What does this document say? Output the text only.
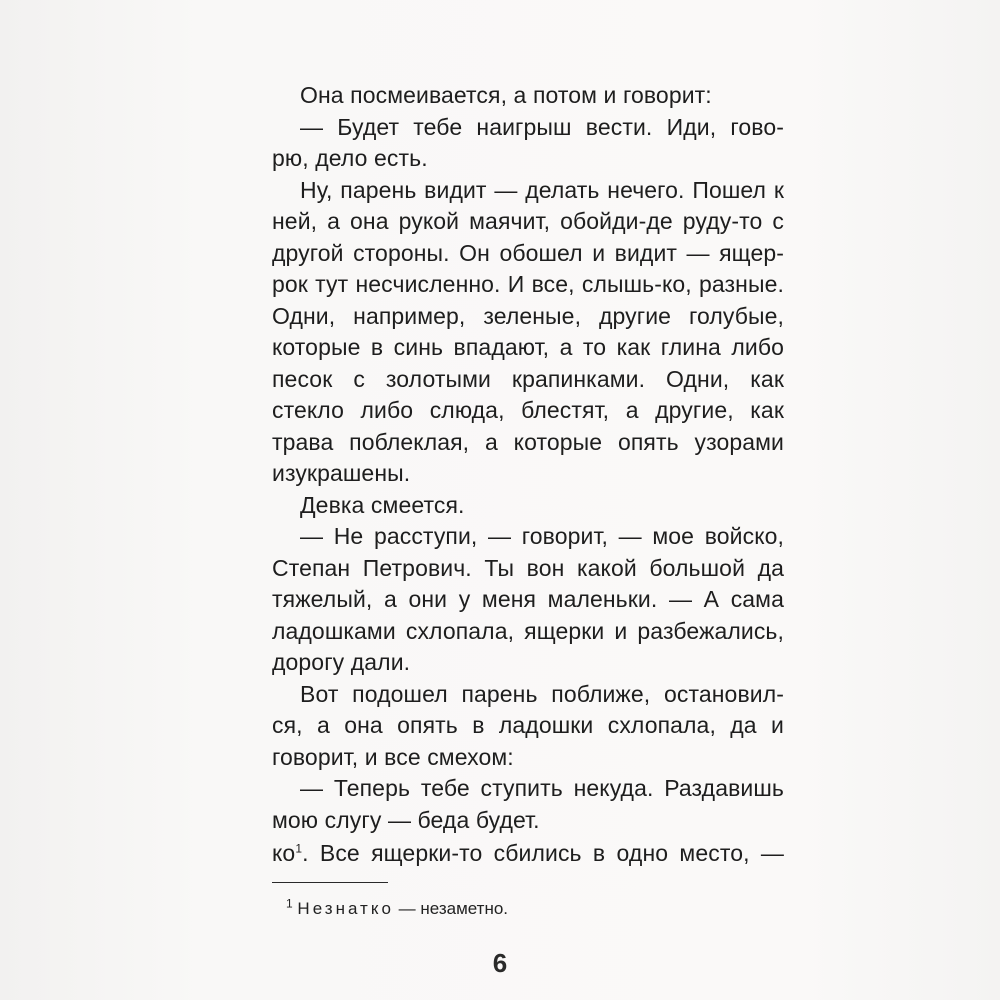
Она посмеивается, а потом и говорит:
— Будет тебе наигрыш вести. Иди, гово-
рю, дело есть.
Ну, парень видит — делать нечего. Пошел к
ней, а она рукой маячит, обойди-де руду-то с
другой стороны. Он обошел и видит — ящер-
рок тут несчисленно. И все, слышь-ко, разные.
Одни, например, зеленые, другие голубые,
которые в синь впадают, а то как глина либо
песок с золотыми крапинками. Одни, как
стекло либо слюда, блестят, а другие, как
трава поблеклая, а которые опять узорами
изукрашены.
Девка смеется.
— Не расступи, — говорит, — мое войско,
Степан Петрович. Ты вон какой большой да
тяжелый, а они у меня маленьки. — А сама
ладошками схлопала, ящерки и разбежались,
дорогу дали.
Вот подошел парень поближе, остановил-
ся, а она опять в ладошки схлопала, да и
говорит, и все смехом:
— Теперь тебе ступить некуда. Раздавишь
мою слугу — беда будет.
ко$^1$. Все ящерки-то сбились в одно место, —
$^1$ Незнатко — незаметно.
6
